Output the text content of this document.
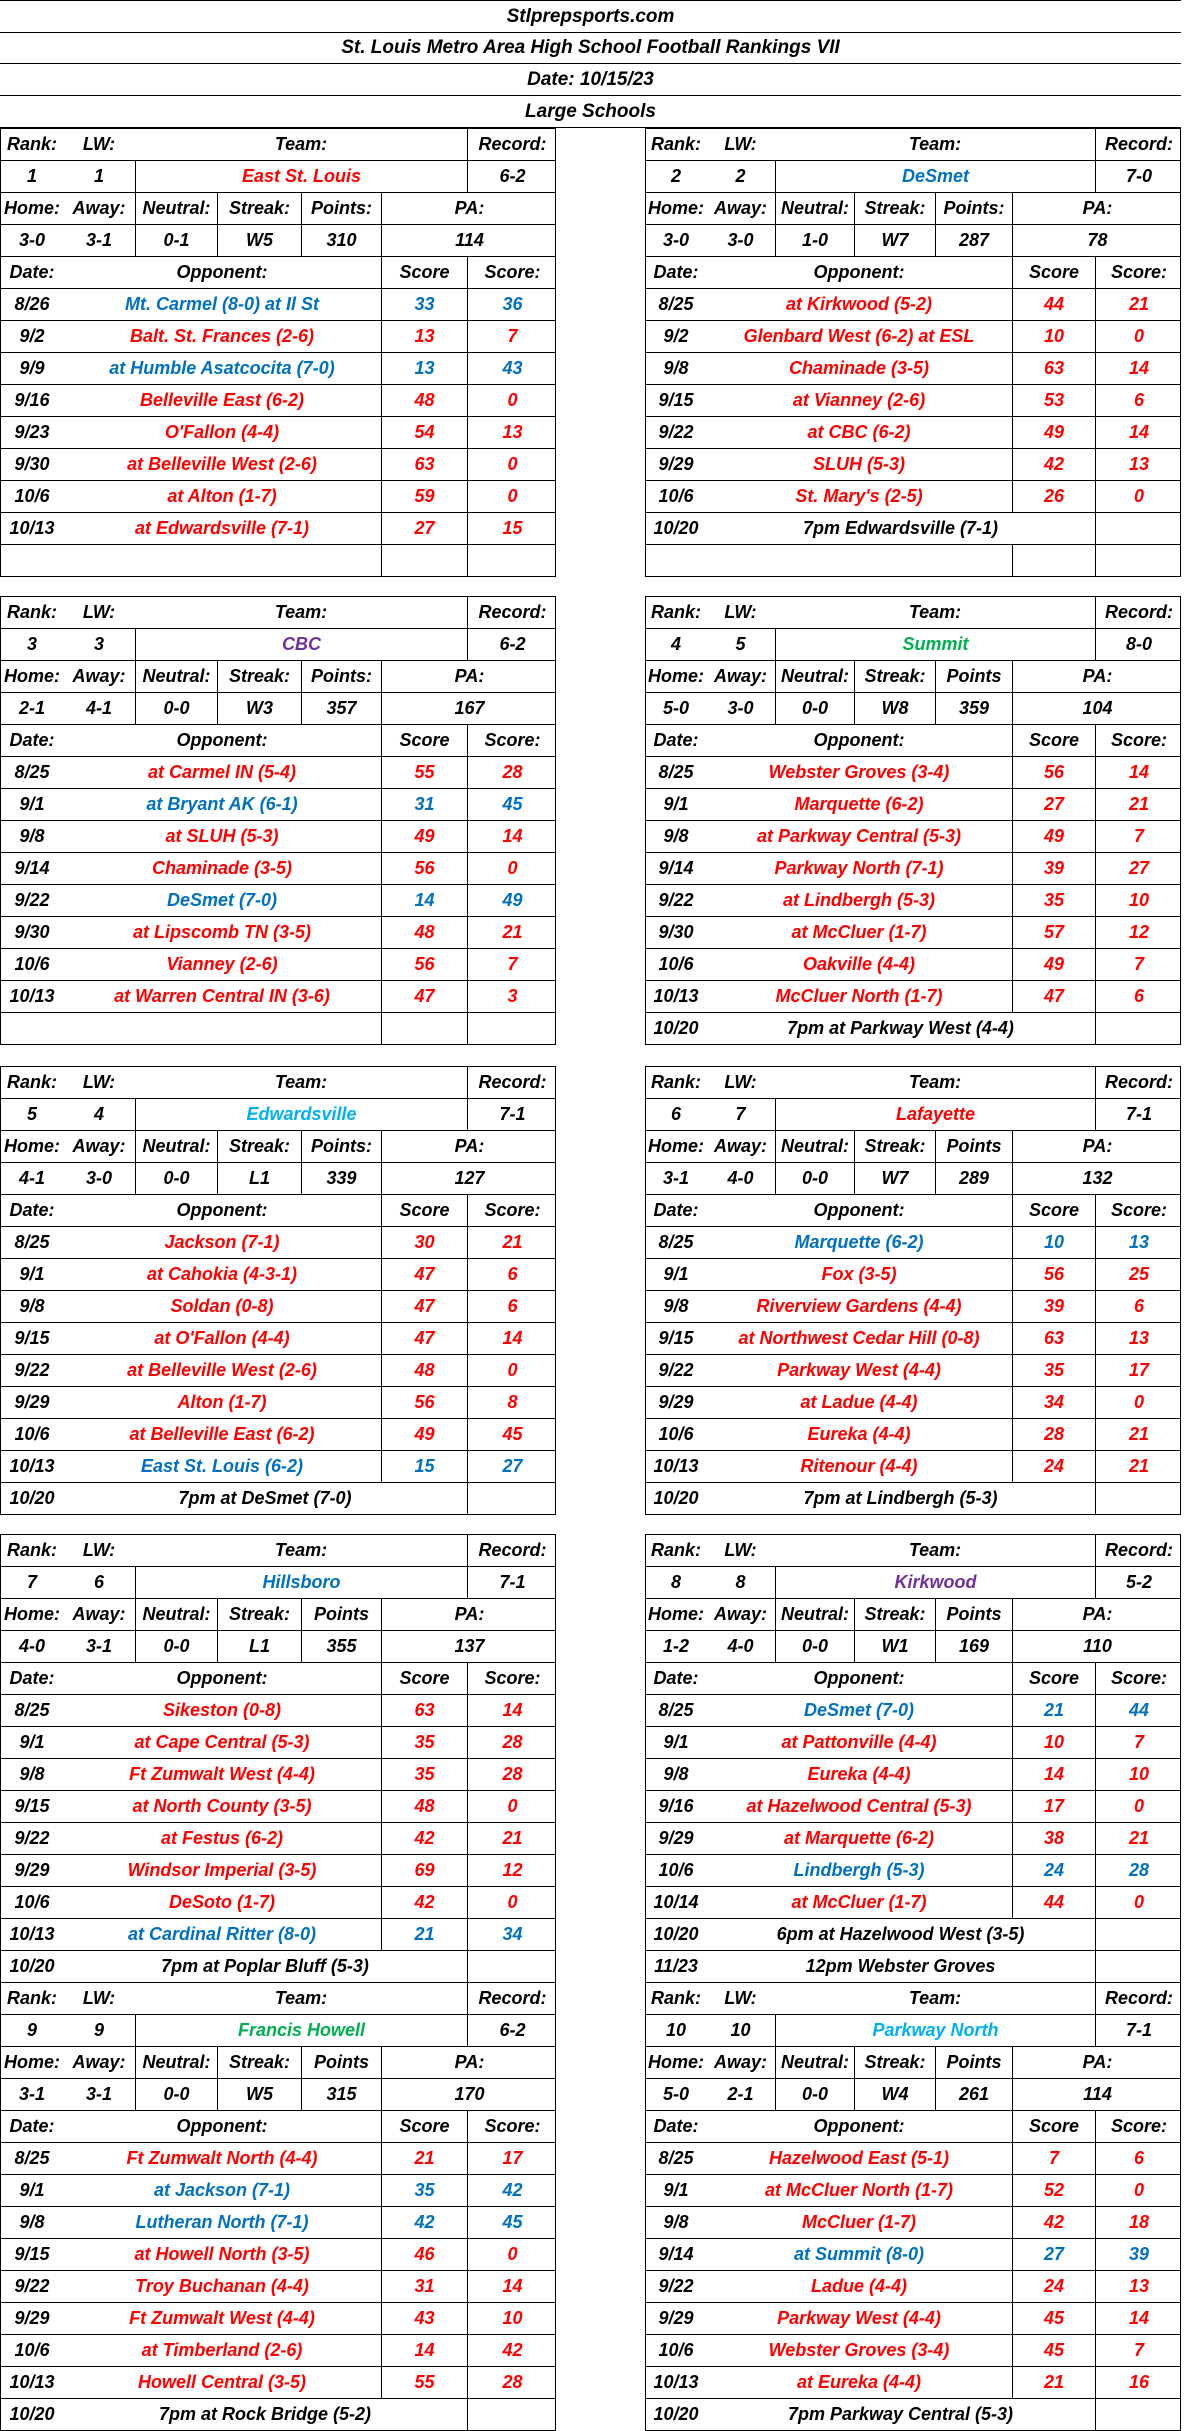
Stlprepsports.com
St. Louis Metro Area High School Football Rankings VII
Date: 10/15/23
Large Schools
Rank:	LW:	Team:	Record:
1	1	East St. Louis	6-2
Home: Away: Neutral:	Streak:	Points:	PA:
3-0	3-1	0-1	W5	310	114
Date:	Opponent:	Score	Score:
8/26	Mt. Carmel (8-0) at Il St	33	36
9/2	Balt. St. Frances (2-6)	13	7
9/9	at Humble Asatcocita (7-0)	13	43
9/16	Belleville East (6-2)	48	0
9/23	O'Fallon (4-4)	54	13
9/30	at Belleville West (2-6)	63	0
10/6	at Alton (1-7)	59	0
10/13	at Edwardsville (7-1)	27	15
Rank:	LW:	Team:	Record:
2	2	DeSmet	7-0
Home: Away: Neutral: Streak: Points:	PA:
3-0	3-0	1-0	W7	287	78
Date:	Opponent:	Score	Score:
8/25	at Kirkwood (5-2)	44	21
9/2	Glenbard West (6-2) at ESL	10	0
9/8	Chaminade (3-5)	63	14
9/15	at Vianney (2-6)	53	6
9/22	at CBC (6-2)	49	14
9/29	SLUH (5-3)	42	13
10/6	St. Mary's (2-5)	26	0
10/20	7pm Edwardsville (7-1)
Rank:	LW:	Team:	Record:
3	3	CBC	6-2
Home: Away: Neutral:	Streak:	Points:	PA:
2-1	4-1	0-0	W3	357	167
Date:	Opponent:	Score	Score:
8/25	at Carmel IN (5-4)	55	28
9/1	at Bryant AK (6-1)	31	45
9/8	at SLUH (5-3)	49	14
9/14	Chaminade (3-5)	56	0
9/22	DeSmet (7-0)	14	49
9/30	at Lipscomb TN (3-5)	48	21
10/6	Vianney (2-6)	56	7
10/13	at Warren Central IN (3-6)	47	3
Rank:	LW:	Team:	Record:
4	5	Summit	8-0
Home: Away: Neutral: Streak:	Points	PA:
5-0	3-0	0-0	W8	359	104
Date:	Opponent:	Score	Score:
8/25	Webster Groves (3-4)	56	14
9/1	Marquette (6-2)	27	21
9/8	at Parkway Central (5-3)	49	7
9/14	Parkway North (7-1)	39	27
9/22	at Lindbergh (5-3)	35	10
9/30	at McCluer (1-7)	57	12
10/6	Oakville (4-4)	49	7
10/13	McCluer North (1-7)	47	6
10/20	7pm at Parkway West (4-4)
Rank:	LW:	Team:	Record:
5	4	Edwardsville	7-1
Home: Away: Neutral:	Streak:	Points:	PA:
4-1	3-0	0-0	L1	339	127
Date:	Opponent:	Score	Score:
8/25	Jackson (7-1)	30	21
9/1	at Cahokia (4-3-1)	47	6
9/8	Soldan (0-8)	47	6
9/15	at O'Fallon (4-4)	47	14
9/22	at Belleville West (2-6)	48	0
9/29	Alton (1-7)	56	8
10/6	at Belleville East (6-2)	49	45
10/13	East St. Louis (6-2)	15	27
10/20	7pm at DeSmet (7-0)
Rank:	LW:	Team:	Record:
6	7	Lafayette	7-1
Home: Away: Neutral: Streak:	Points	PA:
3-1	4-0	0-0	W7	289	132
Date:	Opponent:	Score	Score:
8/25	Marquette (6-2)	10	13
9/1	Fox (3-5)	56	25
9/8	Riverview Gardens (4-4)	39	6
9/15	at Northwest Cedar Hill (0-8)	63	13
9/22	Parkway West (4-4)	35	17
9/29	at Ladue (4-4)	34	0
10/6	Eureka (4-4)	28	21
10/13	Ritenour (4-4)	24	21
10/20	7pm at Lindbergh (5-3)
Rank:	LW:	Team:	Record:
7	6	Hillsboro	7-1
Home: Away: Neutral:	Streak:	Points	PA:
4-0	3-1	0-0	L1	355	137
Date:	Opponent:	Score	Score:
8/25	Sikeston (0-8)	63	14
9/1	at Cape Central (5-3)	35	28
9/8	Ft Zumwalt West (4-4)	35	28
9/15	at North County (3-5)	48	0
9/22	at Festus (6-2)	42	21
9/29	Windsor Imperial (3-5)	69	12
10/6	DeSoto (1-7)	42	0
10/13	at Cardinal Ritter (8-0)	21	34
10/20	7pm at Poplar Bluff (5-3)
Rank:	LW:	Team:	Record:
8	8	Kirkwood	5-2
Home: Away: Neutral: Streak:	Points	PA:
1-2	4-0	0-0	W1	169	110
Date:	Opponent:	Score	Score:
8/25	DeSmet (7-0)	21	44
9/1	at Pattonville (4-4)	10	7
9/8	Eureka (4-4)	14	10
9/16	at Hazelwood Central (5-3)	17	0
9/29	at Marquette (6-2)	38	21
10/6	Lindbergh (5-3)	24	28
10/14	at McCluer (1-7)	44	0
10/20	6pm at Hazelwood West (3-5)
11/23	12pm Webster Groves
Rank:	LW:	Team:	Record:
9	9	Francis Howell	6-2
Home: Away: Neutral:	Streak:	Points	PA:
3-1	3-1	0-0	W5	315	170
Date:	Opponent:	Score	Score:
8/25	Ft Zumwalt North (4-4)	21	17
9/1	at Jackson (7-1)	35	42
9/8	Lutheran North (7-1)	42	45
9/15	at Howell North (3-5)	46	0
9/22	Troy Buchanan (4-4)	31	14
9/29	Ft Zumwalt West (4-4)	43	10
10/6	at Timberland (2-6)	14	42
10/13	Howell Central (3-5)	55	28
10/20	7pm at Rock Bridge (5-2)
Rank:	LW:	Team:	Record:
10	10	Parkway North	7-1
Home: Away: Neutral: Streak:	Points	PA:
5-0	2-1	0-0	W4	261	114
Date:	Opponent:	Score	Score:
8/25	Hazelwood East (5-1)	7	6
9/1	at McCluer North (1-7)	52	0
9/8	McCluer (1-7)	42	18
9/14	at Summit (8-0)	27	39
9/22	Ladue (4-4)	24	13
9/29	Parkway West (4-4)	45	14
10/6	Webster Groves (3-4)	45	7
10/13	at Eureka (4-4)	21	16
10/20	7pm Parkway Central (5-3)
